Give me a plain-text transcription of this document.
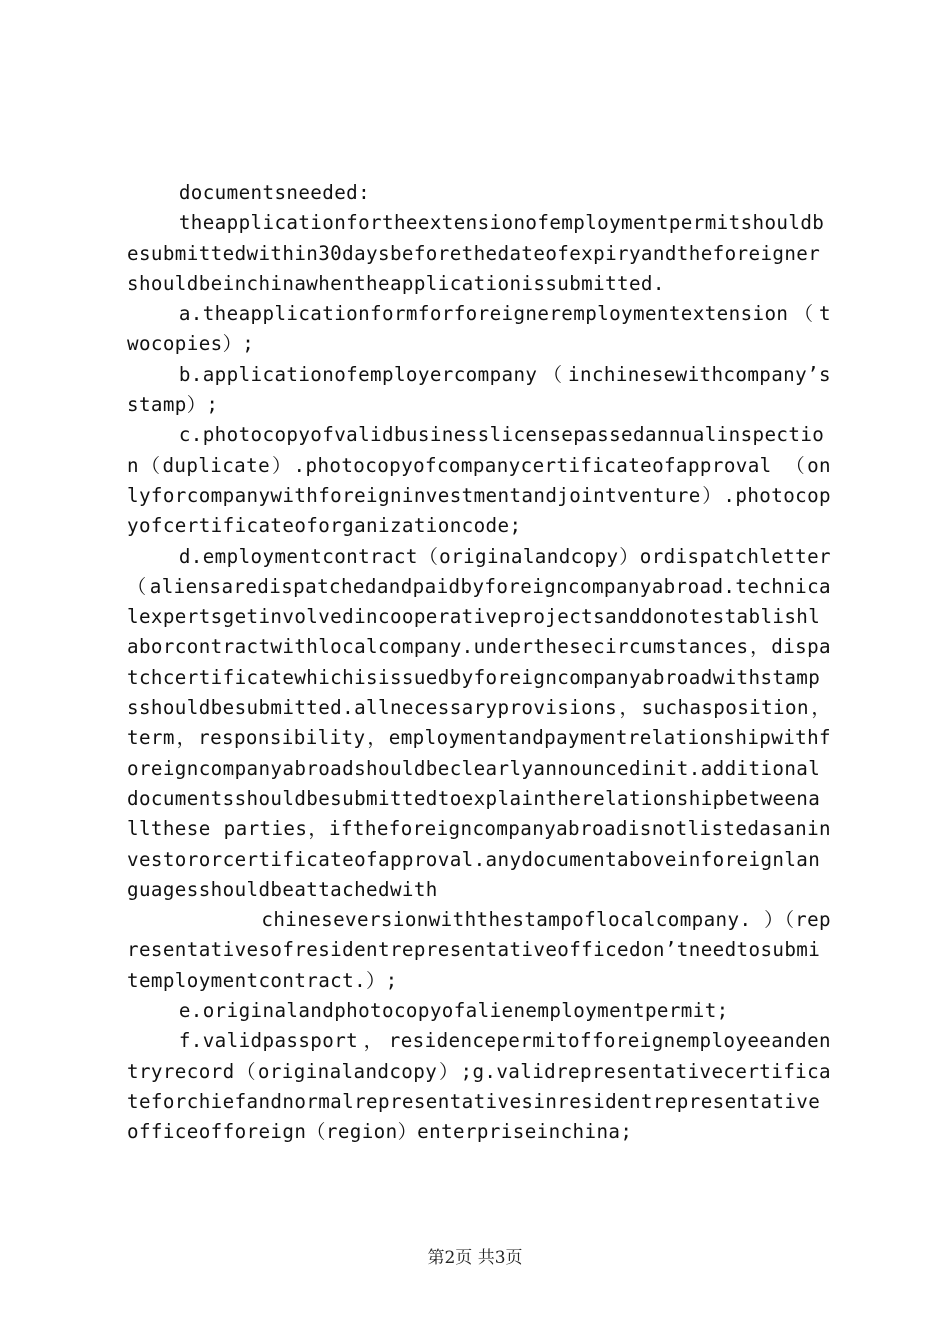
documentsneeded:

theapplicationfortheextensionofemploymentpermitshouldbesubmittedwithin30daysbeforethedateofexpiryandtheforeignershouldbeinchinawhentheapplicationissubmitted.

a.theapplicationformforforeigneremploymentextension（twocopies）;

b.applicationofemployercompany（inchinesewithcompany’sstamp）;

c.photocopyofvalidbusinesslicensepassedannualinspection（duplicate）.photocopyofcompanycertificateofapproval （onlyforcompanywithforeigninvestmentandjointventure）.photocopyofcertificateoforganizationcode;

d.employmentcontract（originalandcopy）ordispatchletter（aliensaredispatchedandpaidbyforeigncompanyabroad.technicalexpertsgetinvolvedincooperativeprojectsanddonotestablishlaborcontractwithlocalcompany.underthesecircumstances，dispatchcertificatewhichisissuedbyforeigncompanyabroadwithstampsshouldbesubmitted.allnecessaryprovisions，suchasposition，term，responsibility，employmentandpaymentrelationshipwithforeigncompanyabroadshouldbeclearlyannouncedinit.additionaldocumentsshouldbesubmittedtoexplaintherelationshipbetweenallthese parties，iftheforeigncompanyabroadisnotlistedasaninvestororcertificateofapproval.anydocumentaboveinforeignlanguagesshouldbeattachedwith

chineseversionwiththestampoflocalcompany. ）（representativesofresidentrepresentativeofficedon’tneedtosubmitemploymentcontract.）;

e.originalandphotocopyofalienemploymentpermit;

f.validpassport，residencepermitofforeignemployeeandentryrecord（originalandcopy）;g.validrepresentativecertificateforchiefandnormalrepresentativesinresidentrepresentativeofficeofforeign（region）enterpriseinchina;

第2页 共3页
